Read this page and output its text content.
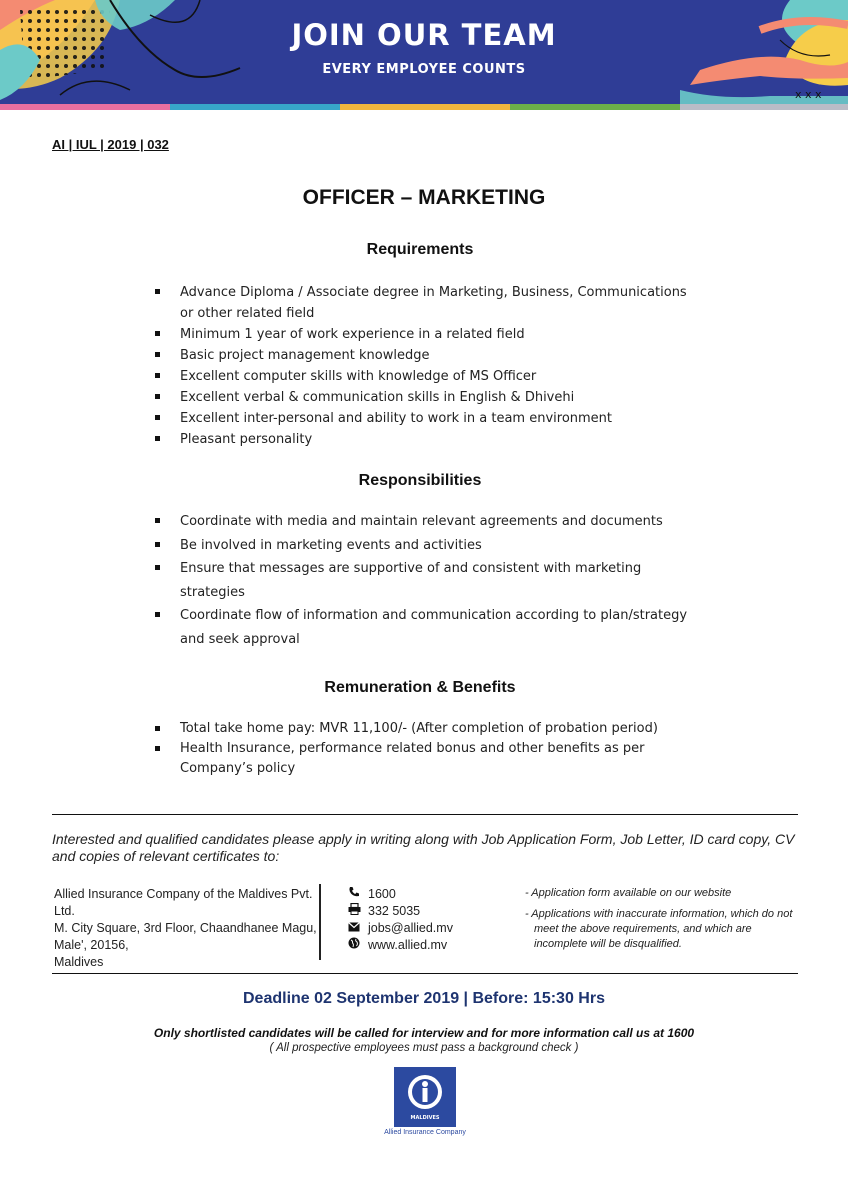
x x x
JOIN OUR TEAM
EVERY EMPLOYEE COUNTS
AI | IUL | 2019 | 032
OFFICER – MARKETING
Requirements
Advance Diploma / Associate degree in Marketing, Business, Communications or other related field
Minimum 1 year of work experience in a related field
Basic project management knowledge
Excellent computer skills with knowledge of MS Officer
Excellent verbal & communication skills in English & Dhivehi
Excellent inter-personal and ability to work in a team environment
Pleasant personality
Responsibilities
Coordinate with media and maintain relevant agreements and documents
Be involved in marketing events and activities
Ensure that messages are supportive of and consistent with marketing strategies
Coordinate flow of information and communication according to plan/strategy and seek approval
Remuneration & Benefits
Total take home pay: MVR 11,100/- (After completion of probation period)
Health Insurance, performance related bonus and other benefits as per Company’s policy
Interested and qualified candidates please apply in writing along with Job Application Form, Job Letter, ID card copy, CV and copies of relevant certificates to:
Allied Insurance Company of the Maldives Pvt. Ltd.
M. City Square, 3rd Floor, Chaandhanee Magu,
Male', 20156,
Maldives
1600
332 5035
jobs@allied.mv
www.allied.mv

- Application form available on our website

- Applications with inaccurate information, which do not meet the above requirements, and which are incomplete will be disqualified.

Deadline 02 September 2019 | Before: 15:30 Hrs
Only shortlisted candidates will be called for interview and for more information call us at 1600
( All prospective employees must pass a background check )
MALDIVES
Allied Insurance Company
